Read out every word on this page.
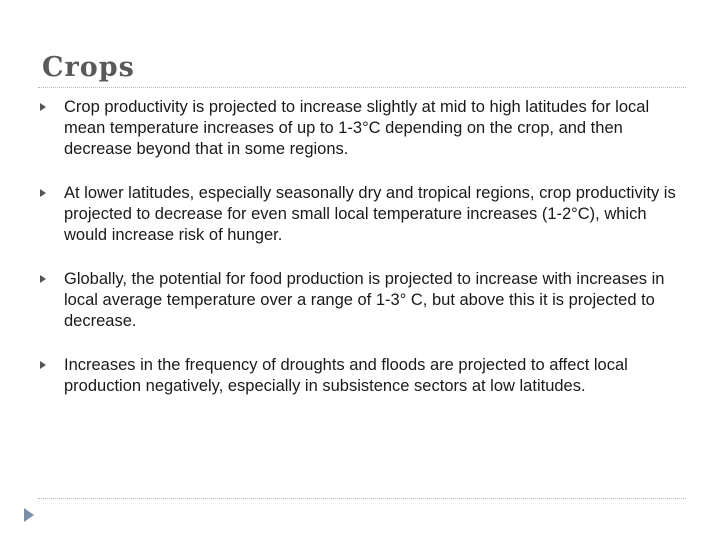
Crops
Crop productivity is projected to increase slightly at mid to high latitudes for local mean temperature increases of up to 1-3°C depending on the crop, and then decrease beyond that in some regions.
At lower latitudes, especially seasonally dry and tropical regions, crop productivity is projected to decrease for even small local temperature increases (1-2°C), which would increase risk of hunger.
Globally, the potential for food production is projected to increase with increases in local average temperature over a range of 1-3° C, but above this it is projected to decrease.
Increases in the frequency of droughts and floods are projected to affect local production negatively, especially in subsistence sectors at low latitudes.
